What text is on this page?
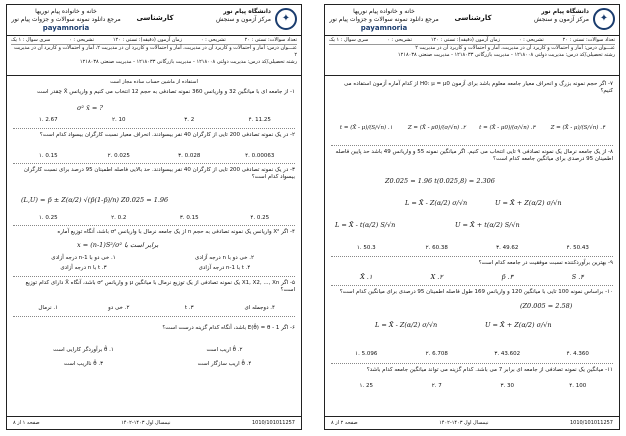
✦
دانشگاه پیام نور
مرکز آزمون و سنجش
کارشناسی
خانه و خانواده پیام نوریها
مرجع دانلود نمونه سوالات و جزوات پیام نور
payamnoria
تعداد سوالات: تستی : ۲۰
تشریحی : ۰
زمان آزمون (دقیقه): تستی : ۱۲۰
تشریحی : ۰
سری سوال : ۱ یک
عنـــوان درس: آمار و احتمالات و کاربرد آن در مدیریت، آمار و احتمالات و کاربرد آن در مدیریت ۲، آمار و احتمالات و کاربرد آن در مدیریت ۲
رشته تحصیلی/کد درس: مدیریت دولتی ۱۲۱۸۰۰۸ - مدیریت بازرگانی ۱۲۱۸۰۳۳ - مدیریت صنعتی ۱۲۱۸۰۳۸
استفاده از ماشین حساب ساده مجاز است
۱- از جامعه ای با میانگین 32 و واریانس 360 نمونه تصادفی به حجم 12 انتخاب می کنیم و واریانس X̄ چقدر است
σ² x̄ = ?
11.25 .۴
2 .۳
10 .۲
2.67 .۱
۲- در یک نمونه تصادفی 200 تایی از کارگران 40 نفر بیسوادند. انحراف معیار نسبت کارگران بیسواد کدام است؟
0.00063 .۴
0.028 .۳
0.025 .۲
0.15 .۱
۳- در یک نمونه تصادفی 200 تایی از کارگران 40 نفر بیسوادند. حد بالایی فاصله اطمینان 95 درصد برای نسبت کارگران بیسواد کدام است؟
(L,U) = p̄ ± Z(α/2) √(p̄(1-p̄)/n) Z0.025 = 1.96
0.25 .۴
0.15 .۳
0.2 .۲
0.25 .۱
۴- اگر X² واریانس یک نمونه تصادفی به حجم n از یک جامعه نرمال با واریانس σ² باشد، آنگاه توزیع آماره
x = (n-1)S²/σ² برابر است با
۲. خی دو با n درجه آزادی
۱. خی دو با n-1 درجه آزادی
۴. t با n-1 درجه آزادی
۳. t با n درجه آزادی
۵- اگر X1, X2, ..., Xn یک نمونه تصادفی از یک توزیع نرمال با میانگین μ و واریانس σ² باشد، آنگاه X̄ دارای کدام توزیع است؟
۴. دوجمله ای
۳. t
۲. خی دو
۱. نرمال
۶- اگر E(θ̂) = θ - 1 باشد، آنگاه کدام گزینه درست است؟
۲. θ̂ اریب است
۱. θ̂ برآوردگر کارایی است
۴. θ̂ اریب سازگار است
۳. θ̂ نااریب است
1010/101011257
نیمسال اول ۱۴۰۳-۱۴۰۲
صفحه ۱ از ۸
✦
دانشگاه پیام نور
مرکز آزمون و سنجش
کارشناسی
خانه و خانواده پیام نوریها
مرجع دانلود نمونه سوالات و جزوات پیام نور
payamnoria
تعداد سوالات: تستی : ۲۰
تشریحی : ۰
زمان آزمون (دقیقه): تستی : ۱۲۰
تشریحی : ۰
سری سوال : ۱ یک
عنـــوان درس: آمار و احتمالات و کاربرد آن در مدیریت، آمار و احتمالات و کاربرد آن در مدیریت ۲
رشته تحصیلی/کد درس: مدیریت دولتی ۱۲۱۸۰۰۸ - مدیریت بازرگانی ۱۲۱۸۰۳۳ - مدیریت صنعتی ۱۲۱۸۰۳۸
۷- اگر حجم نمونه بزرگ و انحراف معیار جامعه معلوم باشد برای آزمون H0: μ = μ0 از کدام آماره آزمون استفاده می کنیم؟
Z = (X̄ - μ)/(S/√n) .۴
t = (X̄ - μ0)/(σ/√n) .۳
Z = (X̄ - μ0)/(σ/√n) .۲
t = (X̄ - μ)/(S/√n) .۱
۸- از یک جامعه نرمال یک نمونه تصادفی ۹ تایی انتخاب می کنیم. اگر میانگین نمونه 55 و واریانس 49 باشد حد پایین فاصله اطمینان 95 درصدی برای میانگین جامعه کدام است؟
Z0.025 = 1.96 t(0.025,8) = 2.306
U = X̄ + Z(α/2) σ/√n
L = X̄ - Z(α/2) σ/√n
U = X̄ + t(α/2) S/√n
L = X̄ - t(α/2) S/√n
50.43 .۴
49.62 .۳
60.38 .۲
50.3 .۱
۹- بهترین برآوردکننده نسبت موفقیت در جامعه کدام است؟
S .۴
p̄ .۳
X .۲
X̄ .۱
۱۰- براساس نمونه 100 تایی با میانگین 120 و واریانس 169 طول فاصله اطمینان 95 درصدی برای میانگین کدام است؟
(Z0.005 = 2.58)
U = X̄ + Z(α/2) σ/√n
L = X̄ - Z(α/2) σ/√n
4.360 .۴
43.602 .۳
6.708 .۲
5.096 .۱
۱۱- میانگین یک نمونه تصادفی از جامعه ای برابر 7 می باشد. کدام گزینه می تواند میانگین جامعه کدام باشد؟
100 .۴
30 .۳
7 .۲
25 .۱
1010/101011257
نیمسال اول ۱۴۰۳-۱۴۰۲
صفحه ۲ از ۸
